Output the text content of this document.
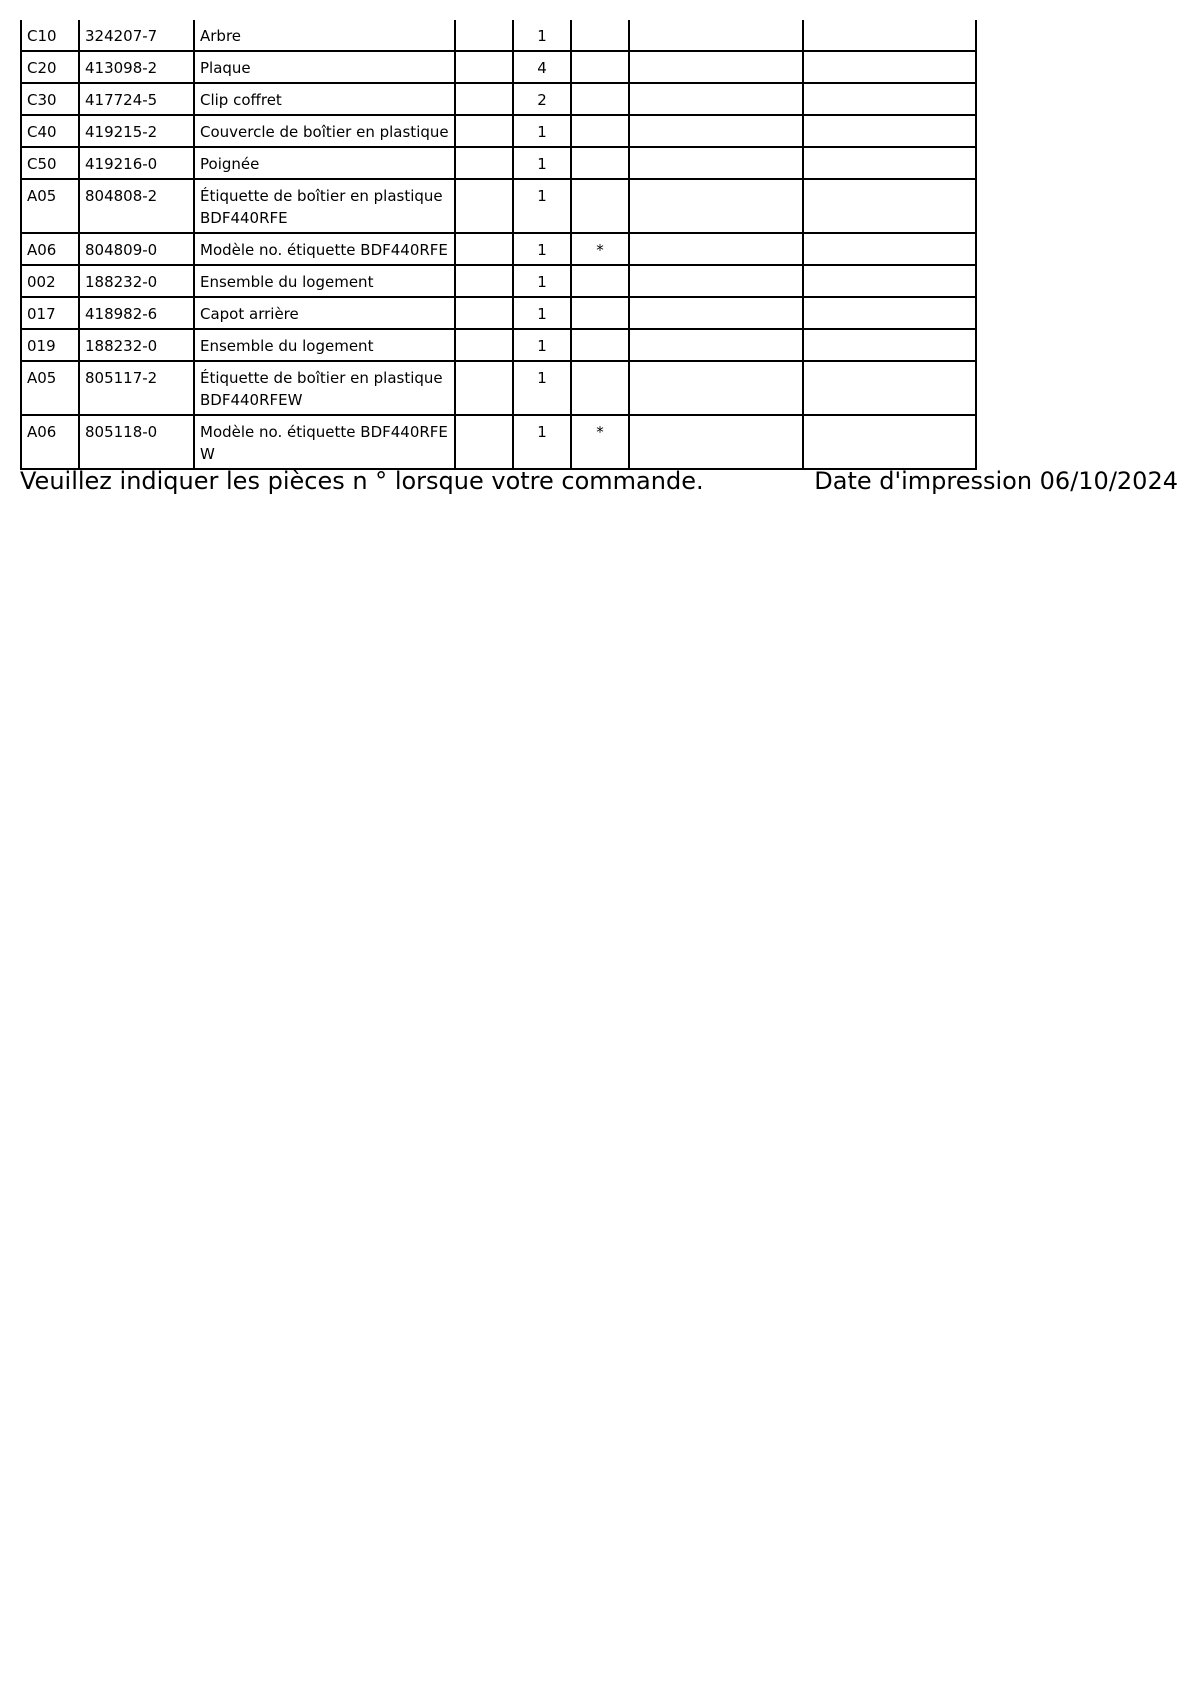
C10	324207-7	Arbre		1			
C20	413098-2	Plaque		4			
C30	417724-5	Clip coffret		2			
C40	419215-2	Couvercle de boîtier en plastique		1			
C50	419216-0	Poignée		1			
A05	804808-2	Étiquette de boîtier en plastique BDF440RFE		1			
A06	804809-0	Modèle no. étiquette BDF440RFE		1	*		
002	188232-0	Ensemble du logement		1			
017	418982-6	Capot arrière		1			
019	188232-0	Ensemble du logement		1			
A05	805117-2	Étiquette de boîtier en plastique BDF440RFEW		1			
A06	805118-0	Modèle no. étiquette BDF440RFE W		1	*		
Veuillez indiquer les pièces n ° lorsque votre commande.	Date d'impression 06/10/2024
